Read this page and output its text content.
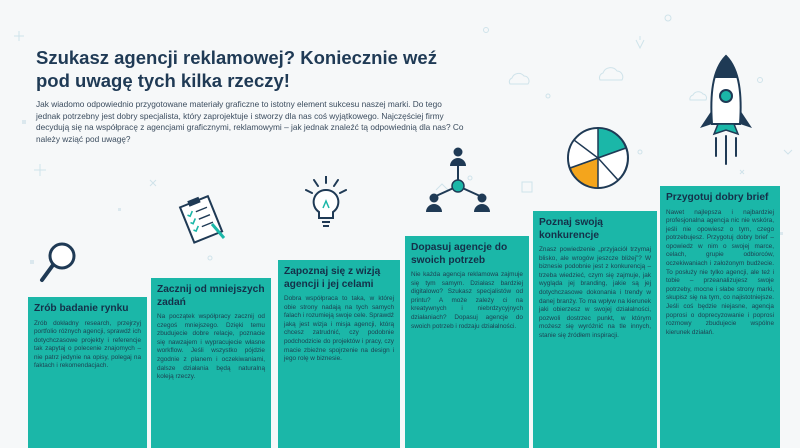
Szukasz agencji reklamowej? Koniecznie weź
pod uwagę tych kilka rzeczy!
Jak wiadomo odpowiednio przygotowane materiały graficzne to istotny element sukcesu naszej marki. Do tego jednak potrzebny jest dobry specjalista, który zaprojektuje i stworzy dla nas coś wyjątkowego. Najczęściej firmy decydują się na współpracę z agencjami graficznymi, reklamowymi – jak jednak znaleźć tą odpowiednią dla nas? Co należy wziąć pod uwagę?
Zrób badanie rynku
Zrób dokładny research, przejrzyj portfolio różnych agencji, sprawdź ich dotychczasowe projekty i referencje tak zapytaj o polecenie znajomych – nie patrz jedynie na opisy, polegaj na faktach i rekomendacjach.
Zacznij od mniejszych zadań
Na początek współpracy zacznij od czegoś mniejszego. Dzięki temu zbudujecie dobre relacje, poznacie się nawzajem i wypracujecie własne workflow. Jeśli wszystko pójdzie zgodnie z planem i oczekiwaniami, dalsze działania będą naturalną koleją rzeczy.
Zapoznaj się z wizją agencji i jej celami
Dobra współpraca to taka, w której obie strony nadają na tych samych falach i rozumieją swoje cele. Sprawdź jaką jest wizja i misja agencji, którą chcesz zatrudnić, czy podobnie podchodzicie do projektów i pracy, czy macie zbieżne spojrzenie na design i jego rolę w biznesie.
Dopasuj agencje do swoich potrzeb
Nie każda agencja reklamowa zajmuje się tym samym. Działasz bardziej digitalowo? Szukasz specjalistów od printu? A może zależy ci na kreatywnych i niebrdzycyjnych działaniach? Dopasuj agencje do swoich potrzeb i rodzaju działalności.
Poznaj swoją konkurencje
Znasz powiedzenie „przyjaciół trzymaj blisko, ale wrogów jeszcze bliżej”? W biznesie podobnie jest z konkurencją – trzeba wiedzieć, czym się zajmuje, jak wygląda jej branding, jakie są jej dotychczasowe dokonania i trendy w danej branży. To ma wpływ na kierunek jaki obierzesz w swojej działalności, pozwoli dostrzec punkt, w którym możesz się wyróżnić na tle innych, stanie się źródłem inspiracji.
Przygotuj dobry brief
Nawet najlepsza i najbardziej profesjonalna agencja nic nie wskóra, jeśli nie opowiesz o tym, czego potrzebujesz. Przygotuj dobry brief – opowiedz w nim o swojej marce, celach, grupie odbiorców, oczekiwaniach i założonym budżecie. To posłuży nie tylko agencji, ale też i tobie – przeanalizujesz swoje potrzeby, mocne i słabe strony marki, skupisz się na tym, co najistotniejsze. Jeśli coś będzie niejasne, agencja poprosi o doprecyzowanie i poprosi rozmowy zbudujecie wspólne kierunek działań.
